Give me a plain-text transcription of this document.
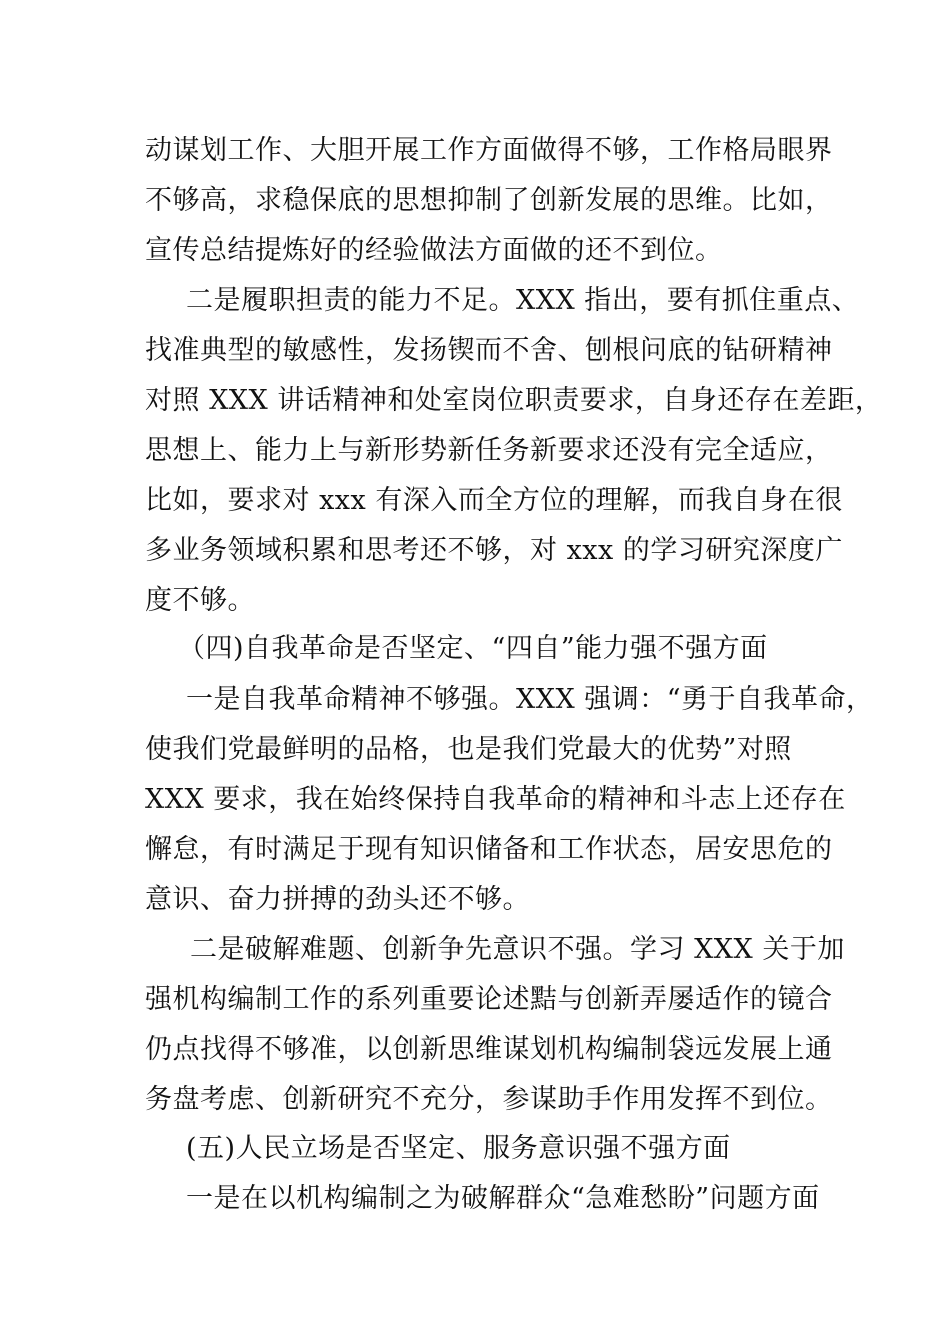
动谋划工作、大胆开展工作方面做得不够，工作格局眼界
不够高，求稳保底的思想抑制了创新发展的思维。比如，
宣传总结提炼好的经验做法方面做的还不到位。
二是履职担责的能力不足。XXX 指出，要有抓住重点、
找准典型的敏感性，发扬锲而不舍、刨根问底的钻研精神
对照 XXX 讲话精神和处室岗位职责要求，自身还存在差距，
思想上、能力上与新形势新任务新要求还没有完全适应，
比如，要求对 xxx 有深入而全方位的理解，而我自身在很
多业务领域积累和思考还不够，对 xxx 的学习研究深度广
度不够。
（四)自我革命是否坚定、“四自”能力强不强方面
一是自我革命精神不够强。XXX 强调：“勇于自我革命，
使我们党最鲜明的品格，也是我们党最大的优势”对照
XXX 要求，我在始终保持自我革命的精神和斗志上还存在
懈怠，有时满足于现有知识储备和工作状态，居安思危的
意识、奋力拼搏的劲头还不够。
二是破解难题、创新争先意识不强。学习 XXX 关于加
强机构编制工作的系列重要论述黠与创新弄屡适作的镜合
仍点找得不够准，以创新思维谋划机构编制袋远发展上通
务盘考虑、创新研究不充分，参谋助手作用发挥不到位。
(五)人民立场是否坚定、服务意识强不强方面
一是在以机构编制之为破解群众“急难愁盼”问题方面
